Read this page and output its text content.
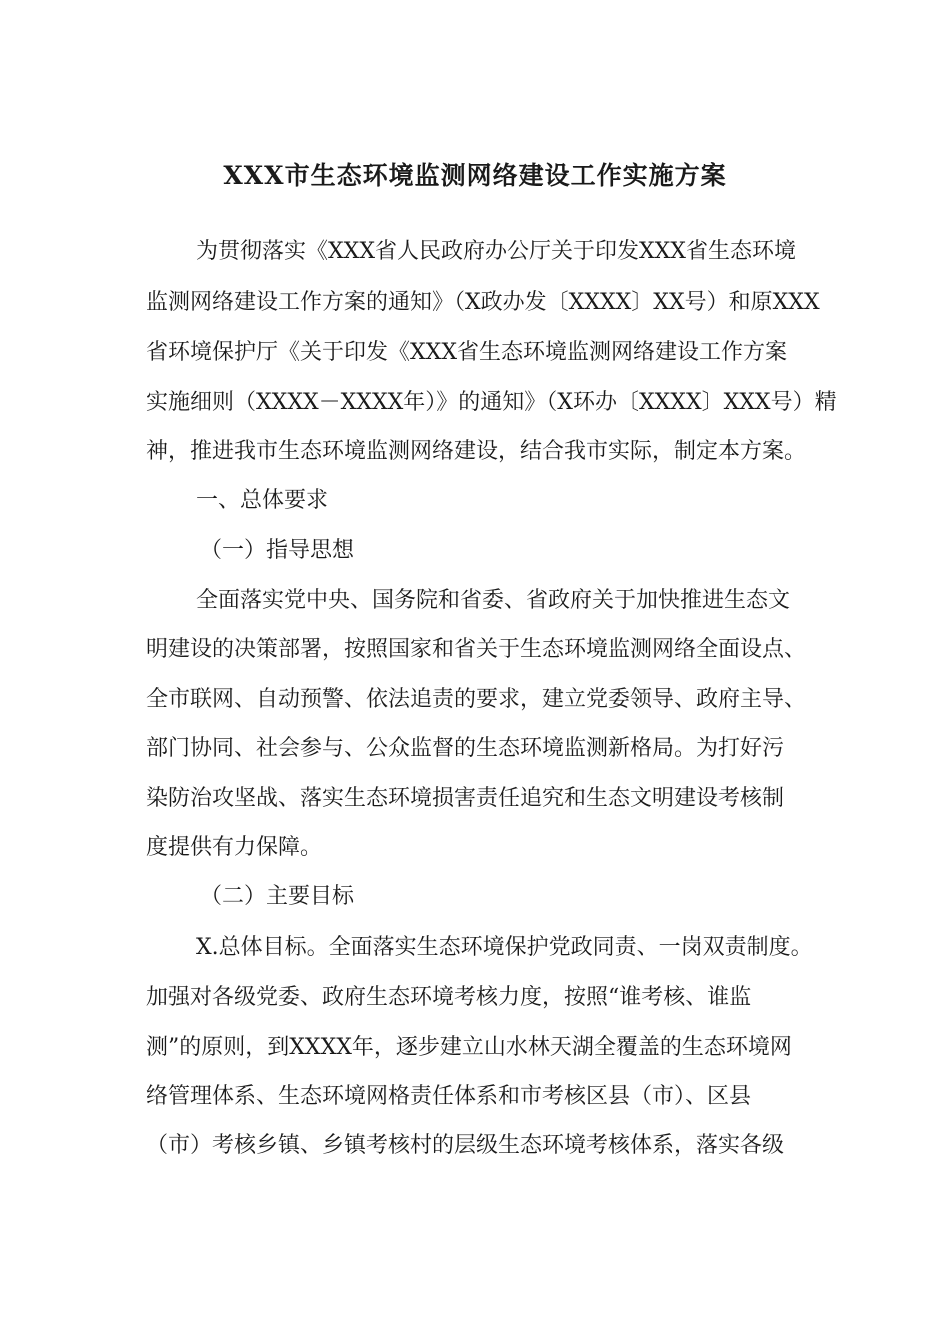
XXX市生态环境监测网络建设工作实施方案
为贯彻落实《XXX省人民政府办公厅关于印发XXX省生态环境
监测网络建设工作方案的通知》（X政办发〔XXXX〕XX号）和原XXX
省环境保护厅《关于印发《XXX省生态环境监测网络建设工作方案
实施细则（XXXX－XXXX年）》的通知》（X环办〔XXXX〕XXX号）精
神，推进我市生态环境监测网络建设，结合我市实际，制定本方案。
一、总体要求
（一）指导思想
全面落实党中央、国务院和省委、省政府关于加快推进生态文
明建设的决策部署，按照国家和省关于生态环境监测网络全面设点、
全市联网、自动预警、依法追责的要求，建立党委领导、政府主导、
部门协同、社会参与、公众监督的生态环境监测新格局。为打好污
染防治攻坚战、落实生态环境损害责任追究和生态文明建设考核制
度提供有力保障。
（二）主要目标
X.总体目标。全面落实生态环境保护党政同责、一岗双责制度。
加强对各级党委、政府生态环境考核力度，按照“谁考核、谁监
测”的原则，到XXXX年，逐步建立山水林天湖全覆盖的生态环境网
络管理体系、生态环境网格责任体系和市考核区县（市）、区县
（市）考核乡镇、乡镇考核村的层级生态环境考核体系，落实各级
